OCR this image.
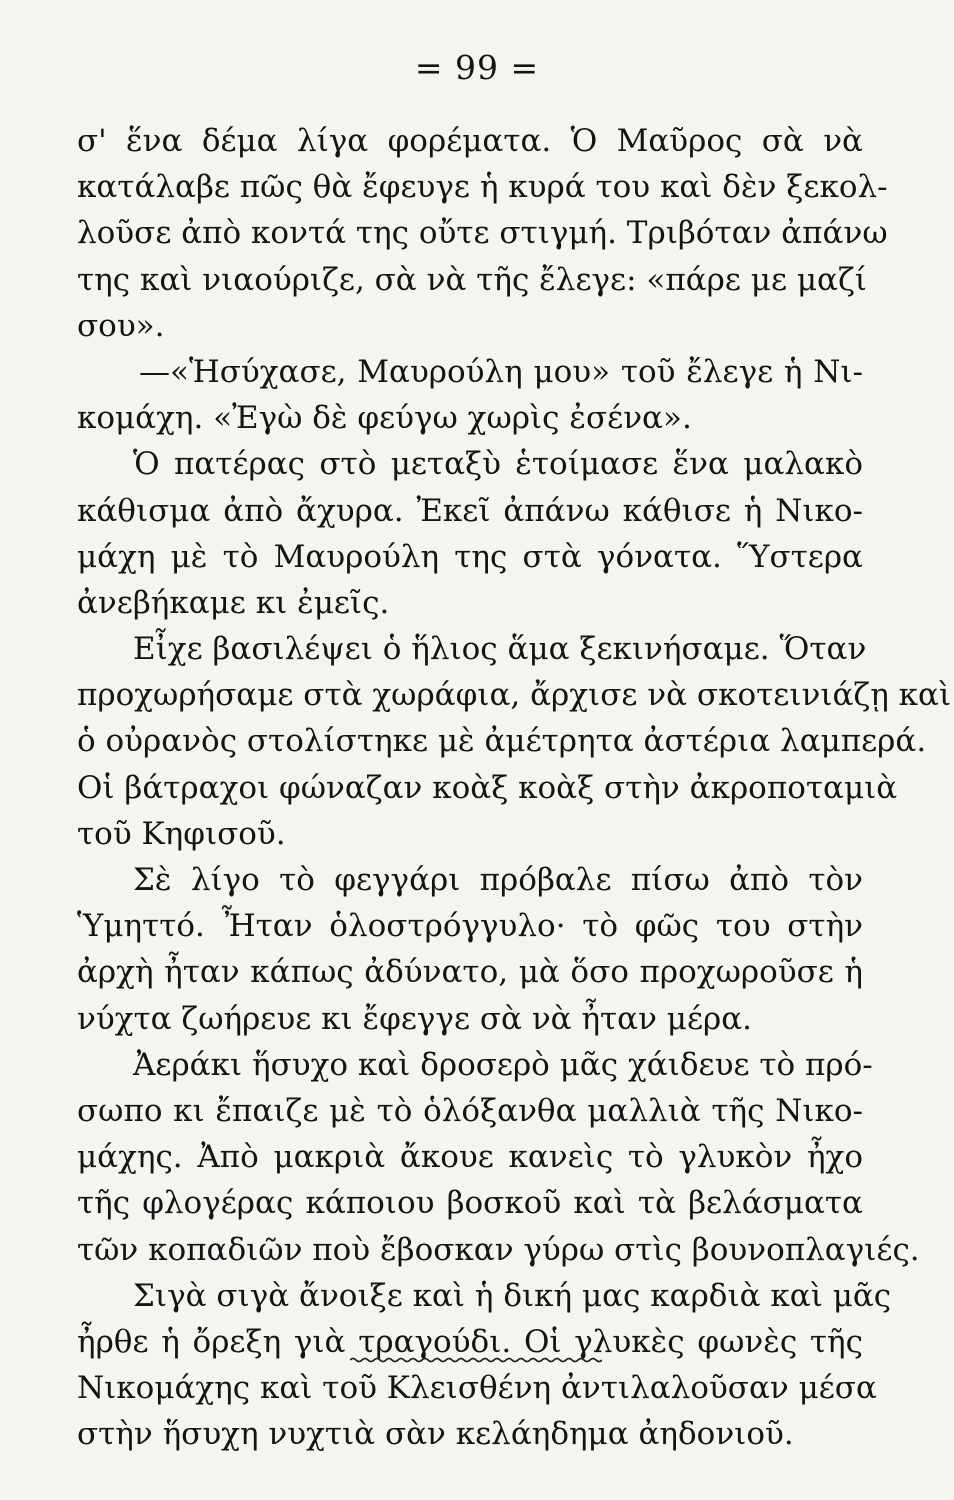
= 99 =
σ' ἕνα δέμα λίγα φορέματα. Ὁ Μαῦρος σὰ νὰ
κατάλαβε πῶς θὰ ἔφευγε ἡ κυρά του καὶ δὲν ξεκολ-
λοῦσε ἀπὸ κοντά της οὔτε στιγμή. Τριβόταν ἀπάνω
της καὶ νιαούριζε, σὰ νὰ τῆς ἔλεγε: «πάρε με μαζί
σου».
—«Ἡσύχασε, Μαυρούλη μου» τοῦ ἔλεγε ἡ Νι-
κομάχη. «Ἐγὼ δὲ φεύγω χωρὶς ἐσένα».
Ὁ πατέρας στὸ μεταξὺ ἑτοίμασε ἕνα μαλακὸ
κάθισμα ἀπὸ ἄχυρα. Ἐκεῖ ἀπάνω κάθισε ἡ Νικο-
μάχη μὲ τὸ Μαυρούλη της στὰ γόνατα. Ὕστερα
ἀνεβήκαμε κι ἐμεῖς.
Εἶχε βασιλέψει ὁ ἥλιος ἅμα ξεκινήσαμε. Ὅταν
προχωρήσαμε στὰ χωράφια, ἄρχισε νὰ σκοτεινιάζῃ καὶ
ὁ οὐρανὸς στολίστηκε μὲ ἀμέτρητα ἀστέρια λαμπερά.
Οἱ βάτραχοι φώναζαν κοὰξ κοὰξ στὴν ἀκροποταμιὰ
τοῦ Κηφισοῦ.
Σὲ λίγο τὸ φεγγάρι πρόβαλε πίσω ἀπὸ τὸν
Ὑμηττό. Ἦταν ὁλοστρόγγυλο· τὸ φῶς του στὴν
ἀρχὴ ἦταν κάπως ἀδύνατο, μὰ ὅσο προχωροῦσε ἡ
νύχτα ζωήρευε κι ἔφεγγε σὰ νὰ ἦταν μέρα.
Ἀεράκι ἥσυχο καὶ δροσερὸ μᾶς χάιδευε τὸ πρό-
σωπο κι ἔπαιζε μὲ τὸ ὁλόξανθα μαλλιὰ τῆς Νικο-
μάχης. Ἀπὸ μακριὰ ἄκουε κανεὶς τὸ γλυκὸν ἦχο
τῆς φλογέρας κάποιου βοσκοῦ καὶ τὰ βελάσματα
τῶν κοπαδιῶν ποὺ ἔβοσκαν γύρω στὶς βουνοπλαγιές.
Σιγὰ σιγὰ ἄνοιξε καὶ ἡ δική μας καρδιὰ καὶ μᾶς
ἦρθε ἡ ὄρεξη γιὰ τραγούδι. Οἱ γλυκὲς φωνὲς τῆς
Νικομάχης καὶ τοῦ Κλεισθένη ἀντιλαλοῦσαν μέσα
στὴν ἥσυχη νυχτιὰ σὰν κελάηδημα ἀηδονιοῦ.
